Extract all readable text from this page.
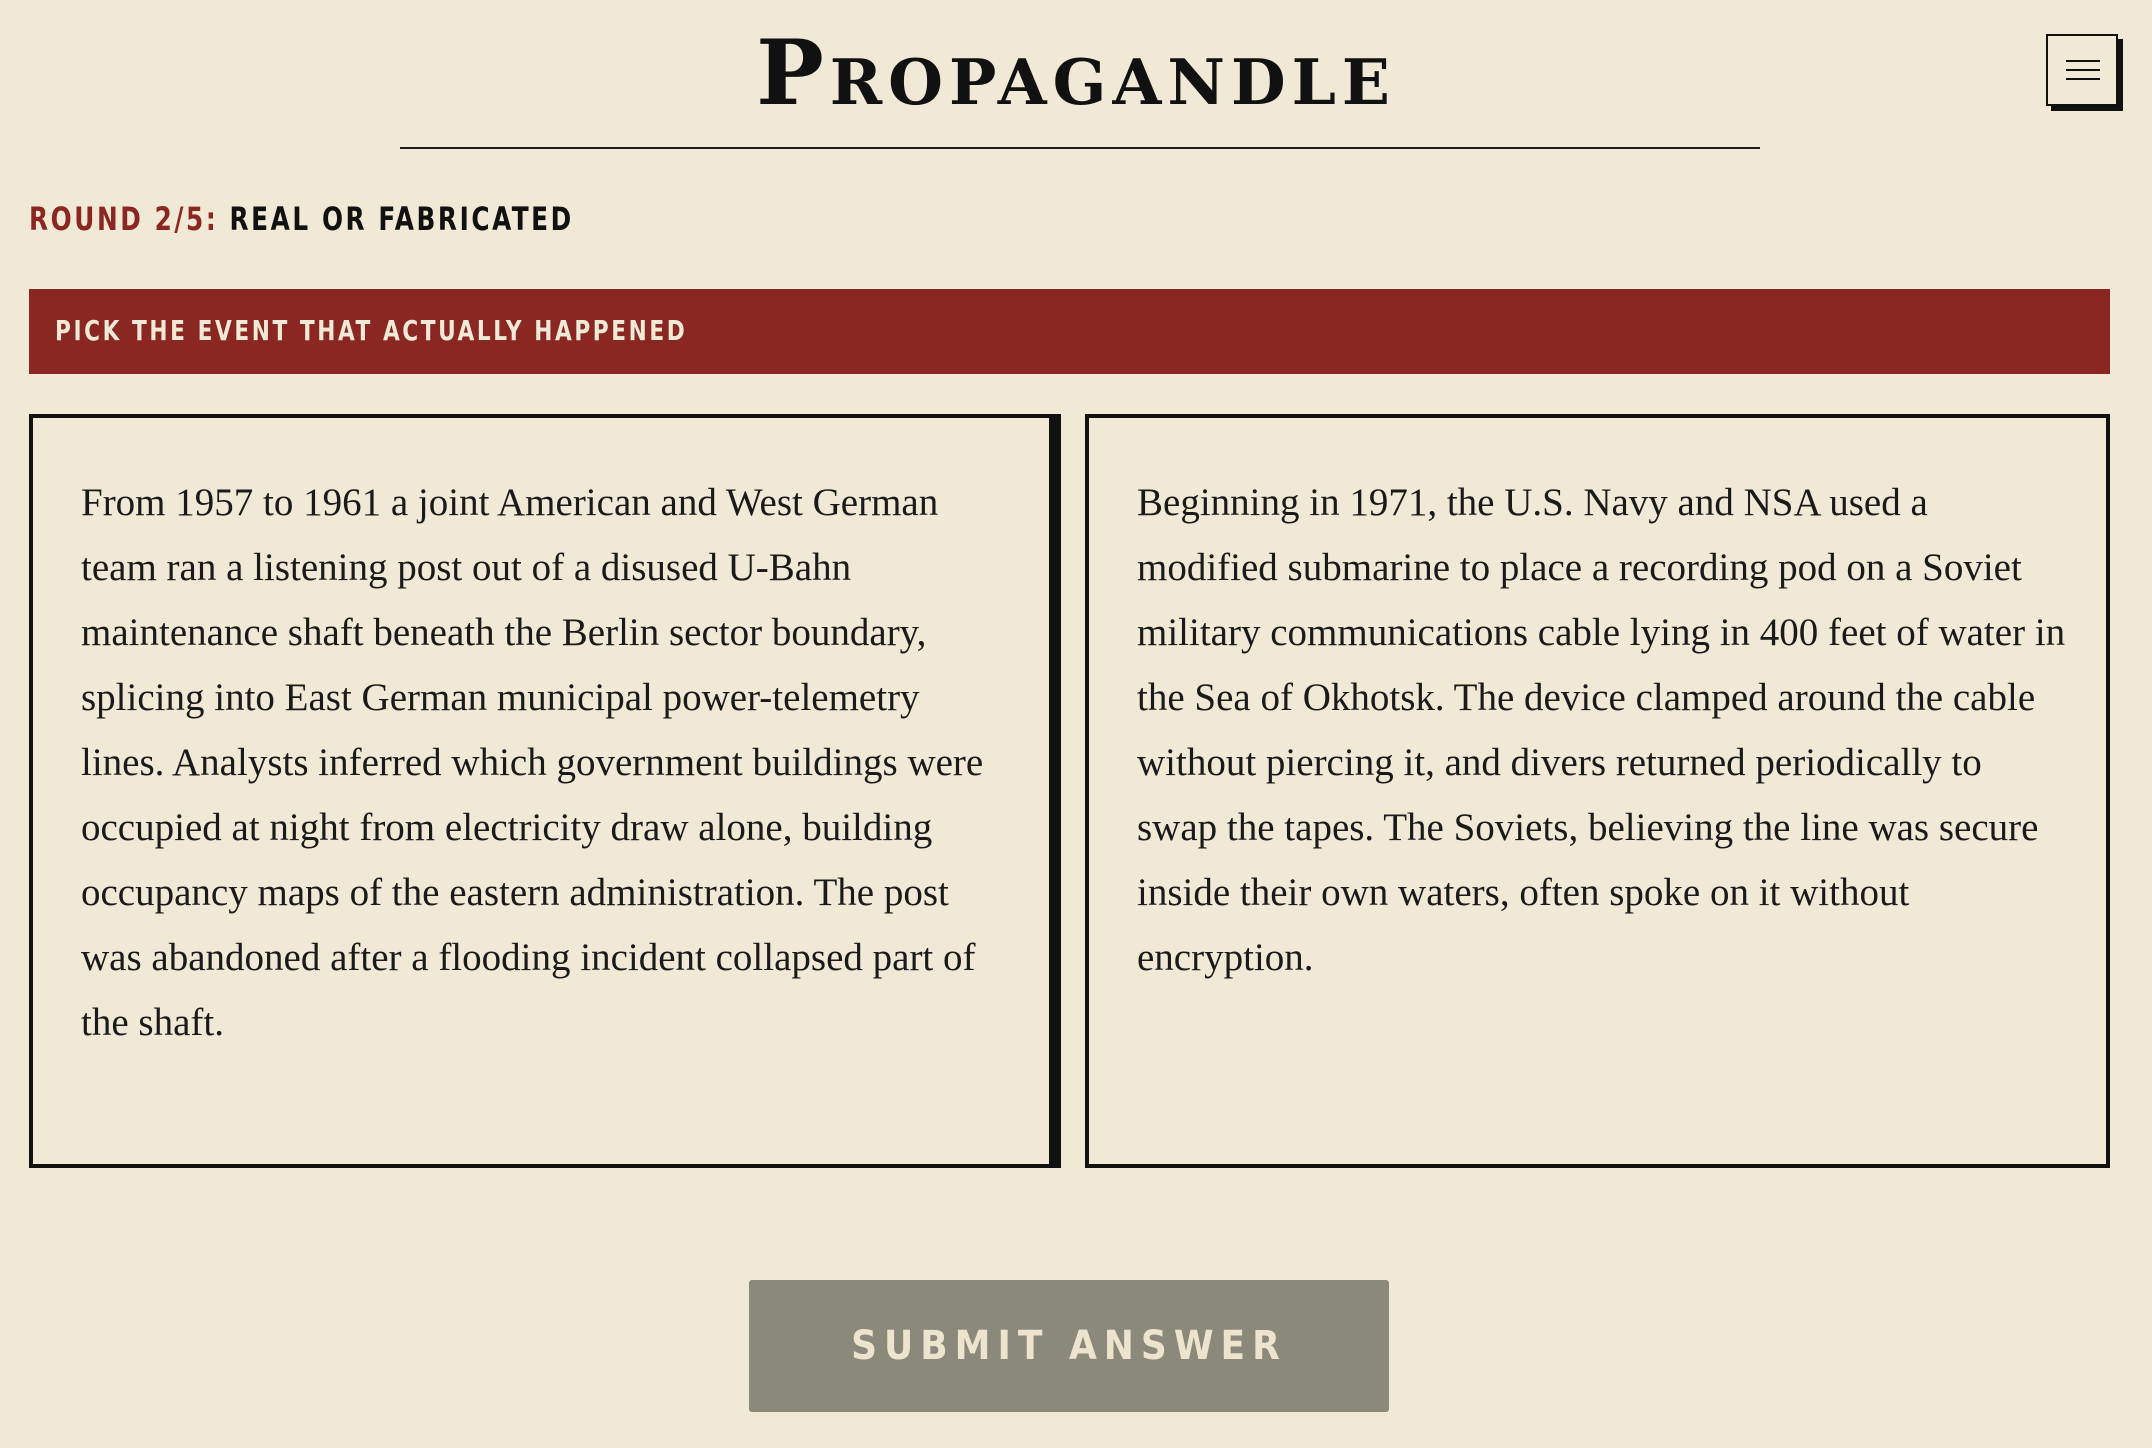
Propagandle
ROUND 2/5: REAL OR FABRICATED
PICK THE EVENT THAT ACTUALLY HAPPENED
From 1957 to 1961 a joint American and West German team ran a listening post out of a disused U-Bahn maintenance shaft beneath the Berlin sector boundary, splicing into East German municipal power-telemetry lines. Analysts inferred which government buildings were occupied at night from electricity draw alone, building occupancy maps of the eastern administration. The post was abandoned after a flooding incident collapsed part of the shaft.
Beginning in 1971, the U.S. Navy and NSA used a modified submarine to place a recording pod on a Soviet military communications cable lying in 400 feet of water in the Sea of Okhotsk. The device clamped around the cable without piercing it, and divers returned periodically to swap the tapes. The Soviets, believing the line was secure inside their own waters, often spoke on it without encryption.
SUBMIT ANSWER
